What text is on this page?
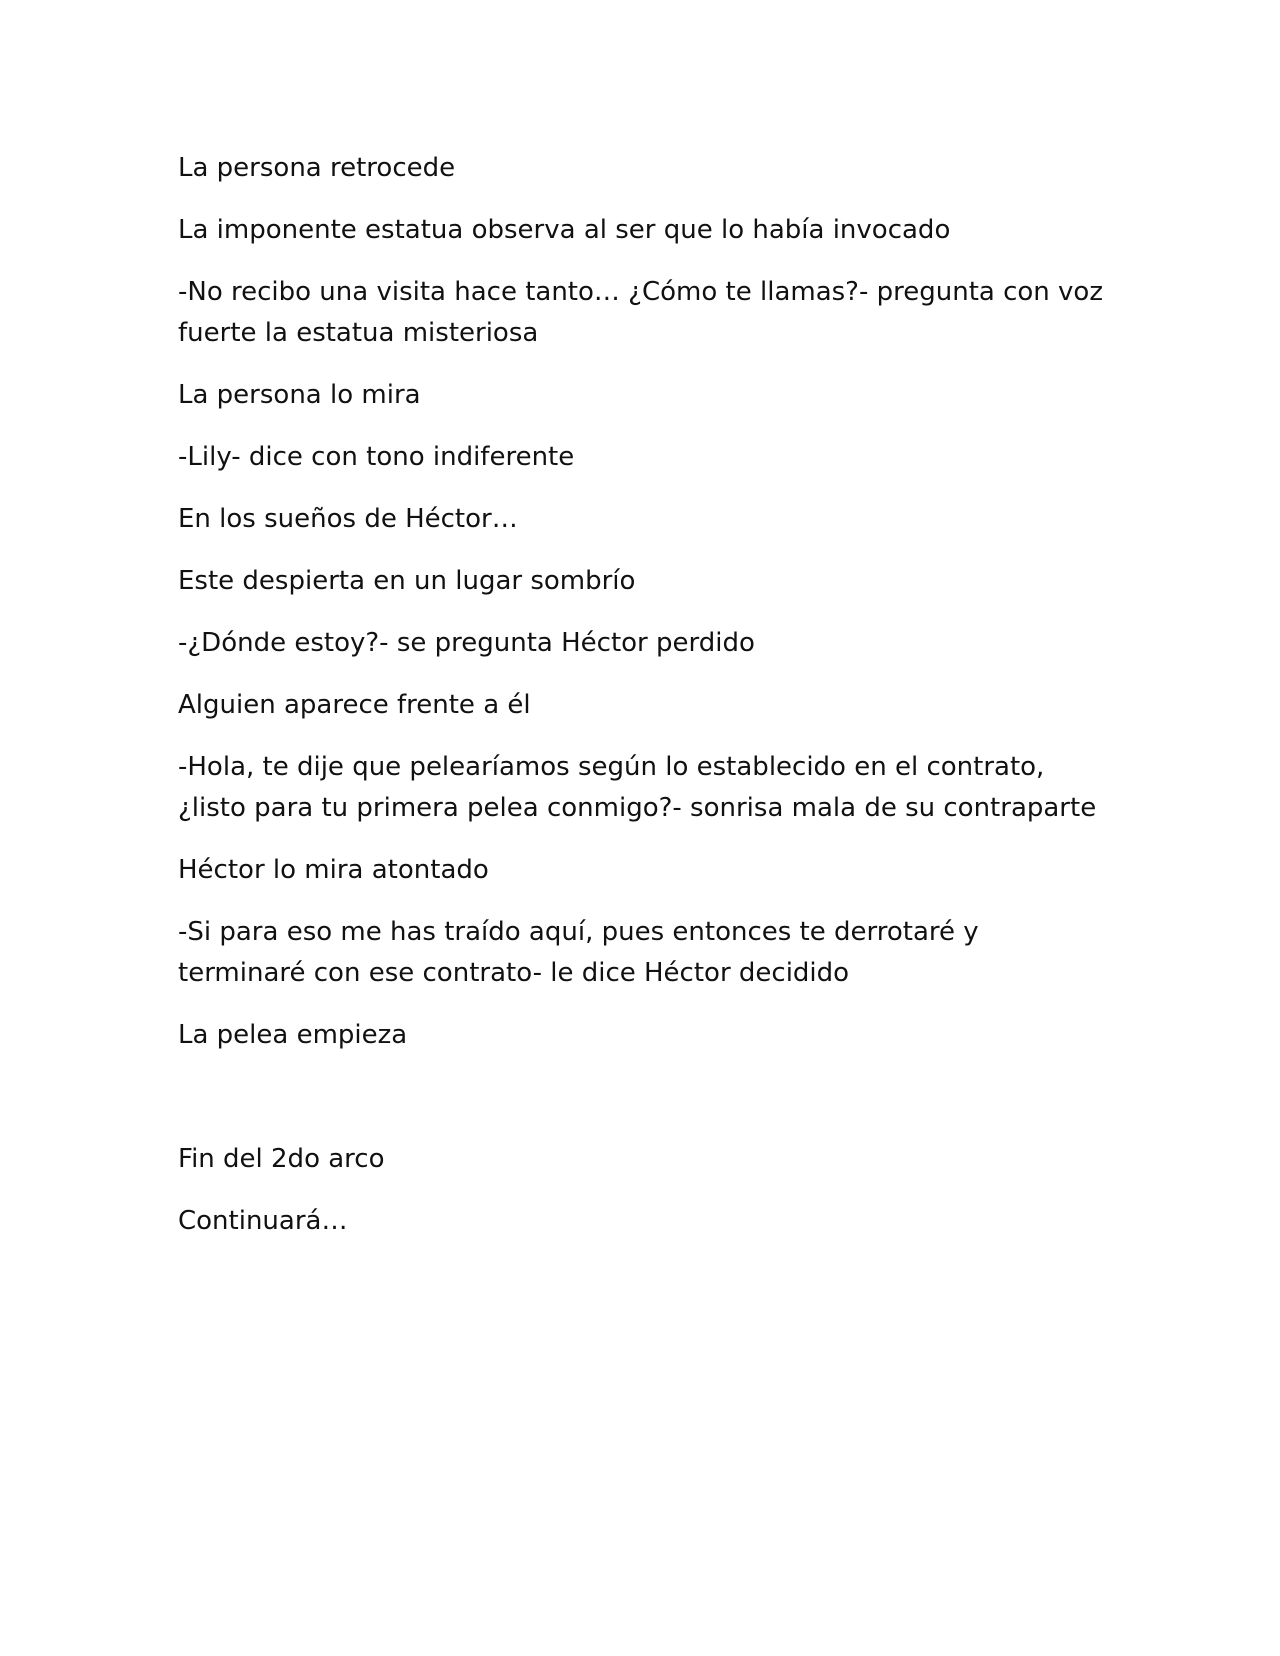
La persona retrocede

La imponente estatua observa al ser que lo había invocado

-No recibo una visita hace tanto… ¿Cómo te llamas?- pregunta con voz fuerte la estatua misteriosa

La persona lo mira

-Lily- dice con tono indiferente

En los sueños de Héctor…

Este despierta en un lugar sombrío

-¿Dónde estoy?- se pregunta Héctor perdido

Alguien aparece frente a él

-Hola, te dije que pelearíamos según lo establecido en el contrato, ¿listo para tu primera pelea conmigo?- sonrisa mala de su contraparte

Héctor lo mira atontado

-Si para eso me has traído aquí, pues entonces te derrotaré y terminaré con ese contrato- le dice Héctor decidido

La pelea empieza

Fin del 2do arco

Continuará…
